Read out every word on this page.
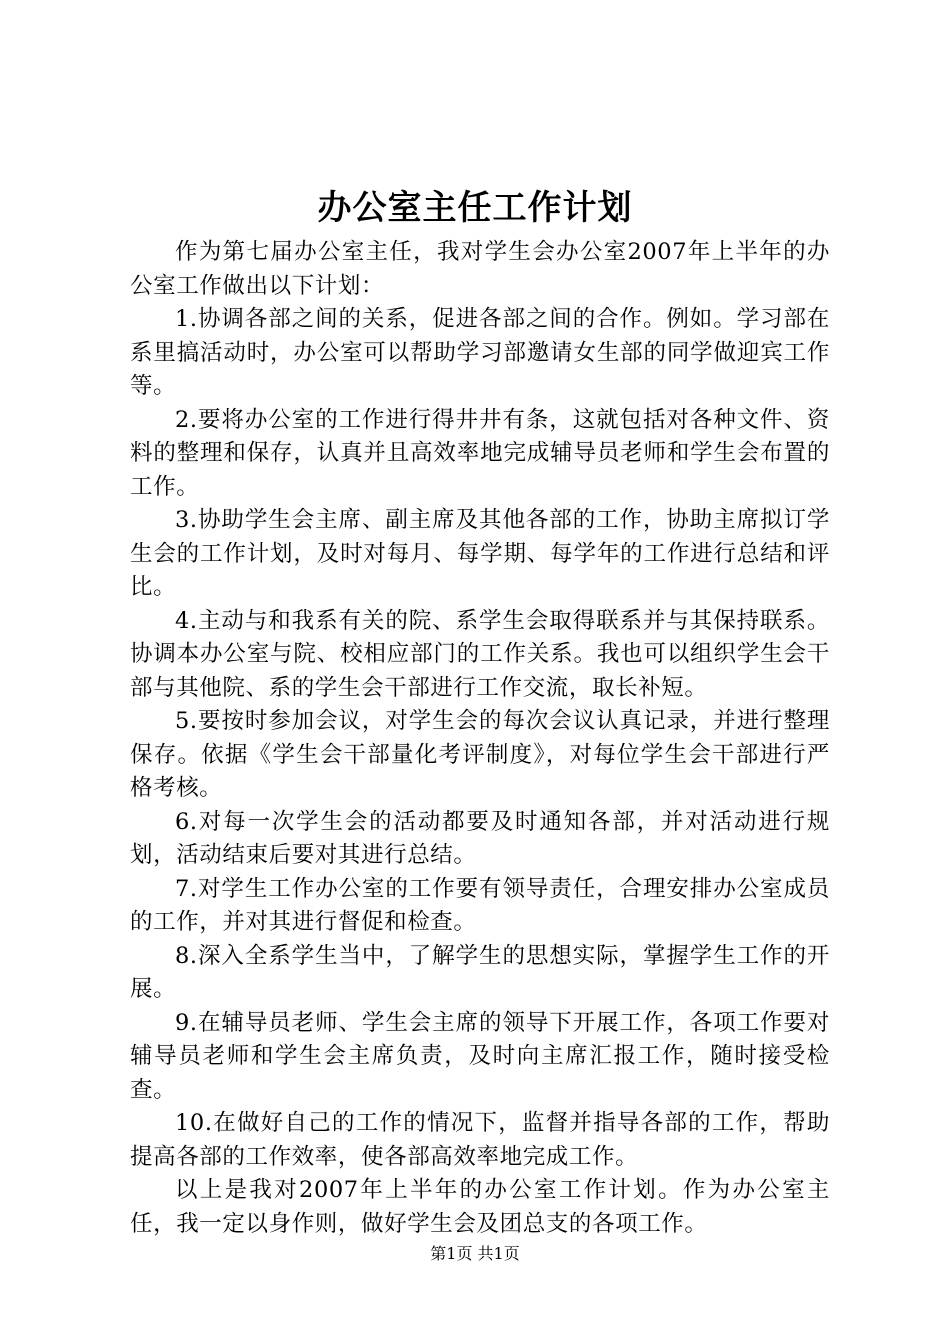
办公室主任工作计划

作为第七届办公室主任，我对学生会办公室2007年上半年的办公室工作做出以下计划：

1.协调各部之间的关系，促进各部之间的合作。例如。学习部在系里搞活动时，办公室可以帮助学习部邀请女生部的同学做迎宾工作等。

2.要将办公室的工作进行得井井有条，这就包括对各种文件、资料的整理和保存，认真并且高效率地完成辅导员老师和学生会布置的工作。

3.协助学生会主席、副主席及其他各部的工作，协助主席拟订学生会的工作计划，及时对每月、每学期、每学年的工作进行总结和评比。

4.主动与和我系有关的院、系学生会取得联系并与其保持联系。协调本办公室与院、校相应部门的工作关系。我也可以组织学生会干部与其他院、系的学生会干部进行工作交流，取长补短。

5.要按时参加会议，对学生会的每次会议认真记录，并进行整理保存。依据《学生会干部量化考评制度》，对每位学生会干部进行严格考核。

6.对每一次学生会的活动都要及时通知各部，并对活动进行规划，活动结束后要对其进行总结。

7.对学生工作办公室的工作要有领导责任，合理安排办公室成员的工作，并对其进行督促和检查。

8.深入全系学生当中，了解学生的思想实际，掌握学生工作的开展。

9.在辅导员老师、学生会主席的领导下开展工作，各项工作要对辅导员老师和学生会主席负责，及时向主席汇报工作，随时接受检查。

10.在做好自己的工作的情况下，监督并指导各部的工作，帮助提高各部的工作效率，使各部高效率地完成工作。

以上是我对2007年上半年的办公室工作计划。作为办公室主任，我一定以身作则，做好学生会及团总支的各项工作。

第1页 共1页
